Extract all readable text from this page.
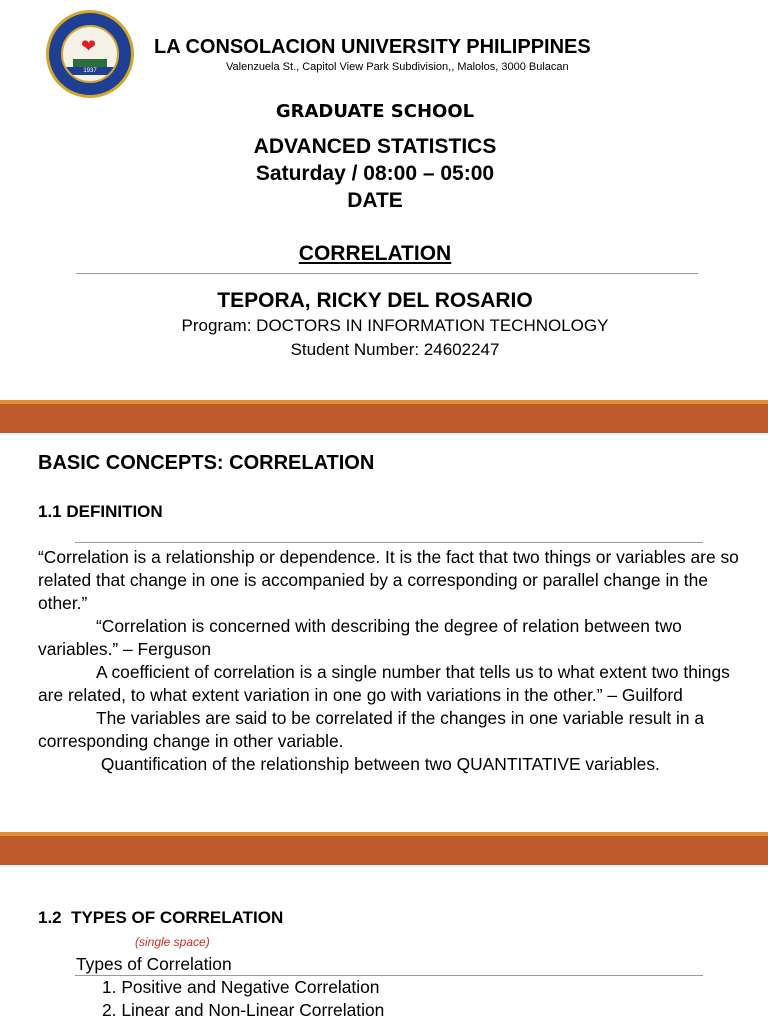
❤
1937
LA CONSOLACION UNIVERSITY PHILIPPINES
Valenzuela St., Capitol View Park Subdivision,, Malolos, 3000 Bulacan
GRADUATE SCHOOL
ADVANCED STATISTICS
Saturday / 08:00 – 05:00
DATE
CORRELATION
TEPORA, RICKY DEL ROSARIO
Program: DOCTORS IN INFORMATION TECHNOLOGY
Student Number: 24602247
BASIC CONCEPTS: CORRELATION
1.1 DEFINITION

“Correlation is a relationship or dependence. It is the fact that two things or variables are so related that change in one is accompanied by a corresponding or parallel change in the other.”

“Correlation is concerned with describing the degree of relation between two variables.” – Ferguson

A coefficient of correlation is a single number that tells us to what extent two things are related, to what extent variation in one go with variations in the other.” – Guilford

The variables are said to be correlated if the changes in one variable result in a corresponding change in other variable.

Quantification of the relationship between two QUANTITATIVE variables.

1.2  TYPES OF CORRELATION
(single space)
Types of Correlation
1. Positive and Negative Correlation
2. Linear and Non-Linear Correlation
